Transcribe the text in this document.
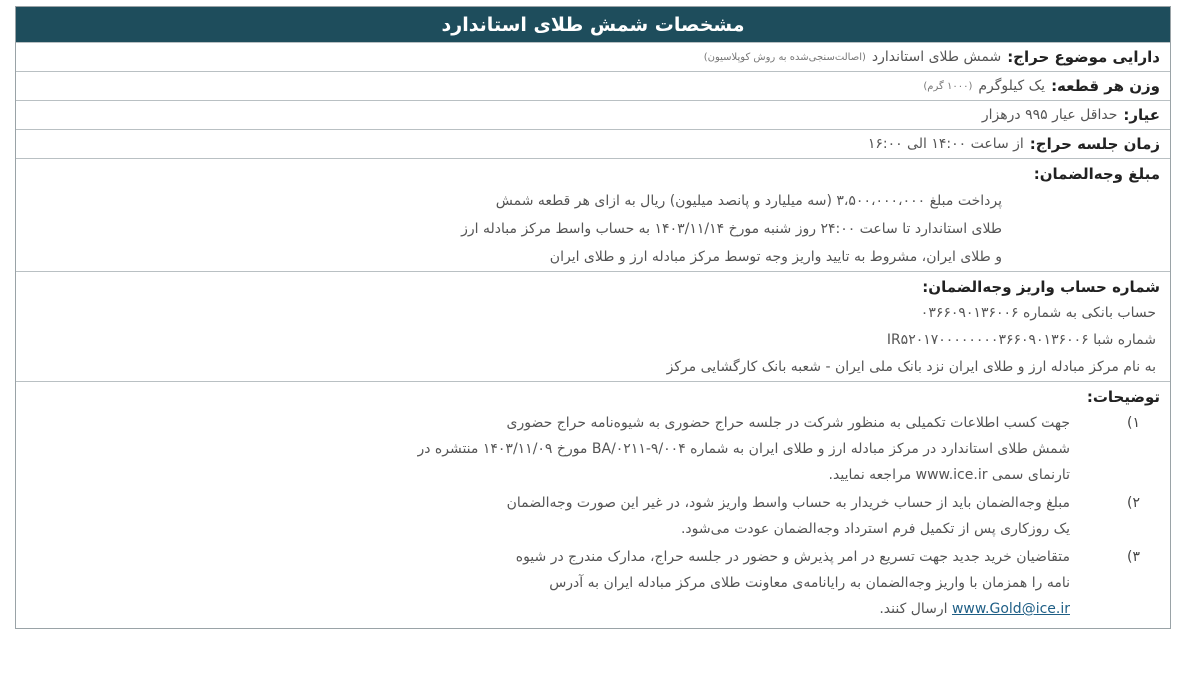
مشخصات شمش طلای استاندارد
دارایی موضوع حراج:
شمش طلای استاندارد
(اصالت‌سنجی‌شده به روش کوپلاسیون)
وزن هر قطعه:
یک کیلوگرم
(۱۰۰۰ گرم)
عیار:
حداقل عیار ۹۹۵ درهزار
زمان جلسه حراج:
از ساعت ۱۴:۰۰ الی ۱۶:۰۰
مبلغ وجه‌الضمان:
پرداخت مبلغ ۳،۵۰۰،۰۰۰،۰۰۰ (سه میلیارد و پانصد میلیون) ریال به ازای هر قطعه شمش
طلای استاندارد تا ساعت ۲۴:۰۰ روز شنبه مورخ ۱۴۰۳/۱۱/۱۴ به حساب واسط مرکز مبادله ارز
و طلای ایران، مشروط به تایید واریز وجه توسط مرکز مبادله ارز و طلای ایران
شماره حساب واریز وجه‌الضمان:
حساب بانکی به شماره ۰۳۶۶۰۹۰۱۳۶۰۰۶
شماره شبا IR۵۲۰۱۷۰۰۰۰۰۰۰۰۳۶۶۰۹۰۱۳۶۰۰۶
به نام مرکز مبادله ارز و طلای ایران نزد بانک ملی ایران - شعبه بانک کارگشایی مرکز
توضیحات:
۱)
جهت کسب اطلاعات تکمیلی به منظور شرکت در جلسه حراج حضوری به شیوه‌نامه حراج حضوری
شمش طلای استاندارد در مرکز مبادله ارز و طلای ایران به شماره BA/۰۲۱۱-۹/۰۰۴ مورخ ۱۴۰۳/۱۱/۰۹ منتشره در
تارنمای سمی www.ice.ir مراجعه نمایید.
۲)
مبلغ وجه‌الضمان باید از حساب خریدار به حساب واسط واریز شود، در غیر این صورت وجه‌الضمان
یک روزکاری پس از تکمیل فرم استرداد وجه‌الضمان عودت می‌شود.
۳)
متقاضیان خرید جدید جهت تسریع در امر پذیرش و حضور در جلسه حراج، مدارک مندرج در شیوه
نامه را همزمان با واریز وجه‌الضمان به رایانامه‌ی معاونت طلای مرکز مبادله ایران به آدرس
www.Gold@ice.ir ارسال کنند.
